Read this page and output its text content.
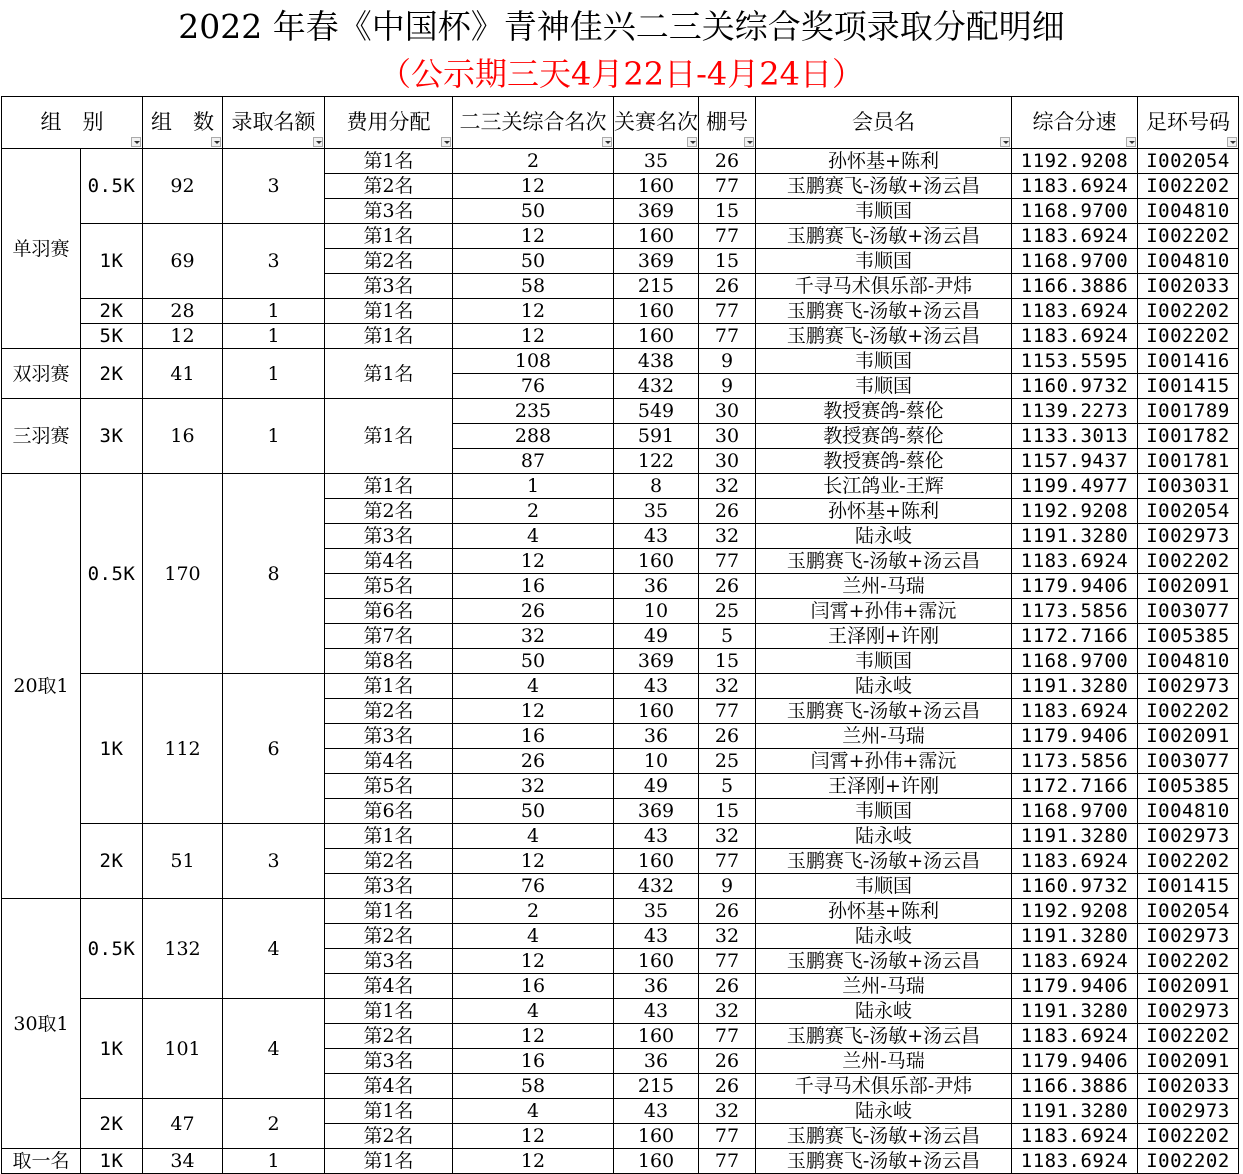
2022 年春《中国杯》青神佳兴二三关综合奖项录取分配明细
（公示期三天4月22日-4月24日）
组　别		组　数	录取名额	费用分配	二三关综合名次	关赛名次	棚号	会员名	综合分速	足环号码

单羽赛	0.5K	92	3	第1名	2	35	26	孙怀基+陈利	1192.9208	I002054
				第2名	12	160	77	玉鹏赛飞-汤敏+汤云昌	1183.6924	I002202
				第3名	50	369	15	韦顺国	1168.9700	I004810
	1K	69	3	第1名	12	160	77	玉鹏赛飞-汤敏+汤云昌	1183.6924	I002202
				第2名	50	369	15	韦顺国	1168.9700	I004810
				第3名	58	215	26	千寻马术俱乐部-尹炜	1166.3886	I002033
	2K	28	1	第1名	12	160	77	玉鹏赛飞-汤敏+汤云昌	1183.6924	I002202
	5K	12	1	第1名	12	160	77	玉鹏赛飞-汤敏+汤云昌	1183.6924	I002202
双羽赛	2K	41	1	第1名	108	438	9	韦顺国	1153.5595	I001416
					76	432	9	韦顺国	1160.9732	I001415
三羽赛	3K	16	1	第1名	235	549	30	教授赛鸽-蔡伦	1139.2273	I001789
					288	591	30	教授赛鸽-蔡伦	1133.3013	I001782
					87	122	30	教授赛鸽-蔡伦	1157.9437	I001781
20取1	0.5K	170	8	第1名	1	8	32	长江鸽业-王辉	1199.4977	I003031
				第2名	2	35	26	孙怀基+陈利	1192.9208	I002054
				第3名	4	43	32	陆永岐	1191.3280	I002973
				第4名	12	160	77	玉鹏赛飞-汤敏+汤云昌	1183.6924	I002202
				第5名	16	36	26	兰州-马瑞	1179.9406	I002091
				第6名	26	10	25	闫霄+孙伟+霈沅	1173.5856	I003077
				第7名	32	49	5	王泽刚+许刚	1172.7166	I005385
				第8名	50	369	15	韦顺国	1168.9700	I004810
	1K	112	6	第1名	4	43	32	陆永岐	1191.3280	I002973
				第2名	12	160	77	玉鹏赛飞-汤敏+汤云昌	1183.6924	I002202
				第3名	16	36	26	兰州-马瑞	1179.9406	I002091
				第4名	26	10	25	闫霄+孙伟+霈沅	1173.5856	I003077
				第5名	32	49	5	王泽刚+许刚	1172.7166	I005385
				第6名	50	369	15	韦顺国	1168.9700	I004810
	2K	51	3	第1名	4	43	32	陆永岐	1191.3280	I002973
				第2名	12	160	77	玉鹏赛飞-汤敏+汤云昌	1183.6924	I002202
				第3名	76	432	9	韦顺国	1160.9732	I001415
30取1	0.5K	132	4	第1名	2	35	26	孙怀基+陈利	1192.9208	I002054
				第2名	4	43	32	陆永岐	1191.3280	I002973
				第3名	12	160	77	玉鹏赛飞-汤敏+汤云昌	1183.6924	I002202
				第4名	16	36	26	兰州-马瑞	1179.9406	I002091
	1K	101	4	第1名	4	43	32	陆永岐	1191.3280	I002973
				第2名	12	160	77	玉鹏赛飞-汤敏+汤云昌	1183.6924	I002202
				第3名	16	36	26	兰州-马瑞	1179.9406	I002091
				第4名	58	215	26	千寻马术俱乐部-尹炜	1166.3886	I002033
	2K	47	2	第1名	4	43	32	陆永岐	1191.3280	I002973
				第2名	12	160	77	玉鹏赛飞-汤敏+汤云昌	1183.6924	I002202
取一名	1K	34	1	第1名	12	160	77	玉鹏赛飞-汤敏+汤云昌	1183.6924	I002202
